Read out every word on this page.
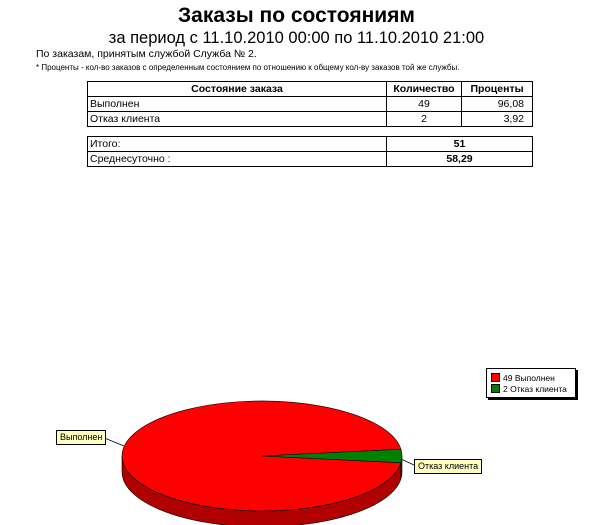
Заказы по состояниям
за период с 11.10.2010 00:00 по 11.10.2010 21:00
По заказам, принятым службой Служба № 2.
* Проценты - кол-во заказов с определенным состоянием по отношению к общему кол-ву заказов той же службы.
Состояние заказа	Количество	Проценты
Выполнен	49	96,08
Отказ клиента	2	3,92
Итого:	51
Среднесуточно :	58,29
49 Выполнен
2 Отказ клиента
Выполнен
Отказ клиента
